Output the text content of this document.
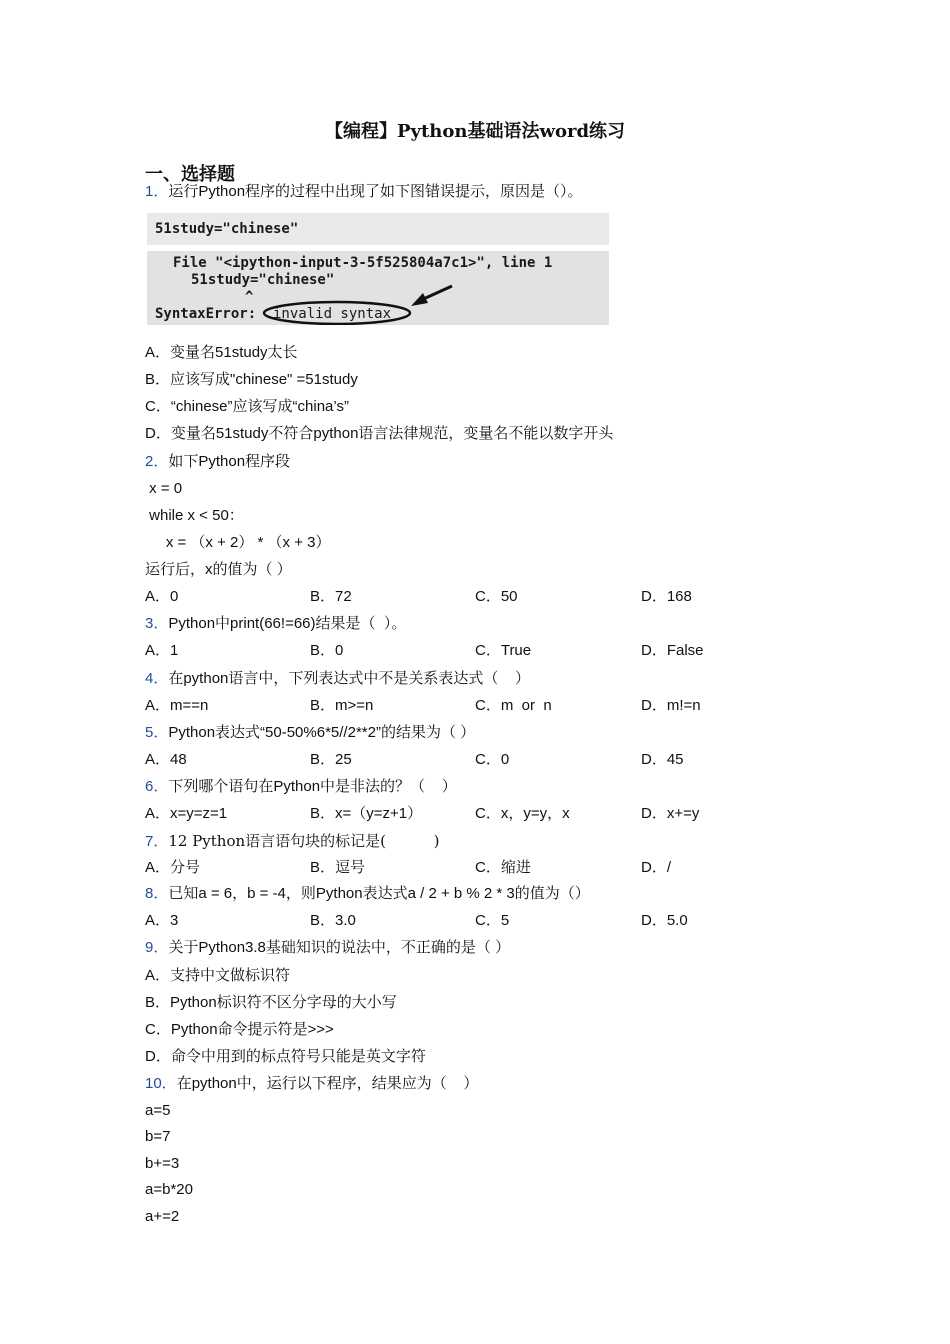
【编程】Python基础语法word练习
一、选择题
1．运行Python程序的过程中出现了如下图错误提示，原因是（）。
51study="chinese"
File "<ipython-input-3-5f525804a7c1>", line 1
51study="chinese"
^
SyntaxError: invalid syntax
A．变量名51study太长
B．应该写成"chinese" =51study
C．“chinese”应该写成“china’s”
D．变量名51study不符合python语言法律规范，变量名不能以数字开头
2．如下Python程序段
x = 0
while x < 50：
x = （x + 2） * （x + 3）
运行后，x的值为（ ）
A．0	B．72	C．50	D．168
3．Python中print(66!=66)结果是（  ）。
A．1	B．0	C．True	D．False
4．在python语言中，下列表达式中不是关系表达式（    ）
A．m==n	B．m>=n	C．m  or  n	D．m!=n
5．Python表达式“50-50%6*5//2**2”的结果为（ ）
A．48	B．25	C．0	D．45
6．下列哪个语句在Python中是非法的？（    ）
A．x=y=z=1	B．x=（y=z+1）	C．x，y=y，x	D．x+=y
7．12 Python语言语句块的标记是(          )
A．分号	B．逗号	C．缩进	D．/
8．已知a = 6，b = -4，则Python表达式a / 2 + b % 2 * 3的值为（）
A．3	B．3.0	C．5	D．5.0
9．关于Python3.8基础知识的说法中，不正确的是（ ）
A．支持中文做标识符
B．Python标识符不区分字母的大小写
C．Python命令提示符是>>>
D．命令中用到的标点符号只能是英文字符
10．在python中，运行以下程序，结果应为（    ）
a=5
b=7
b+=3
a=b*20
a+=2
